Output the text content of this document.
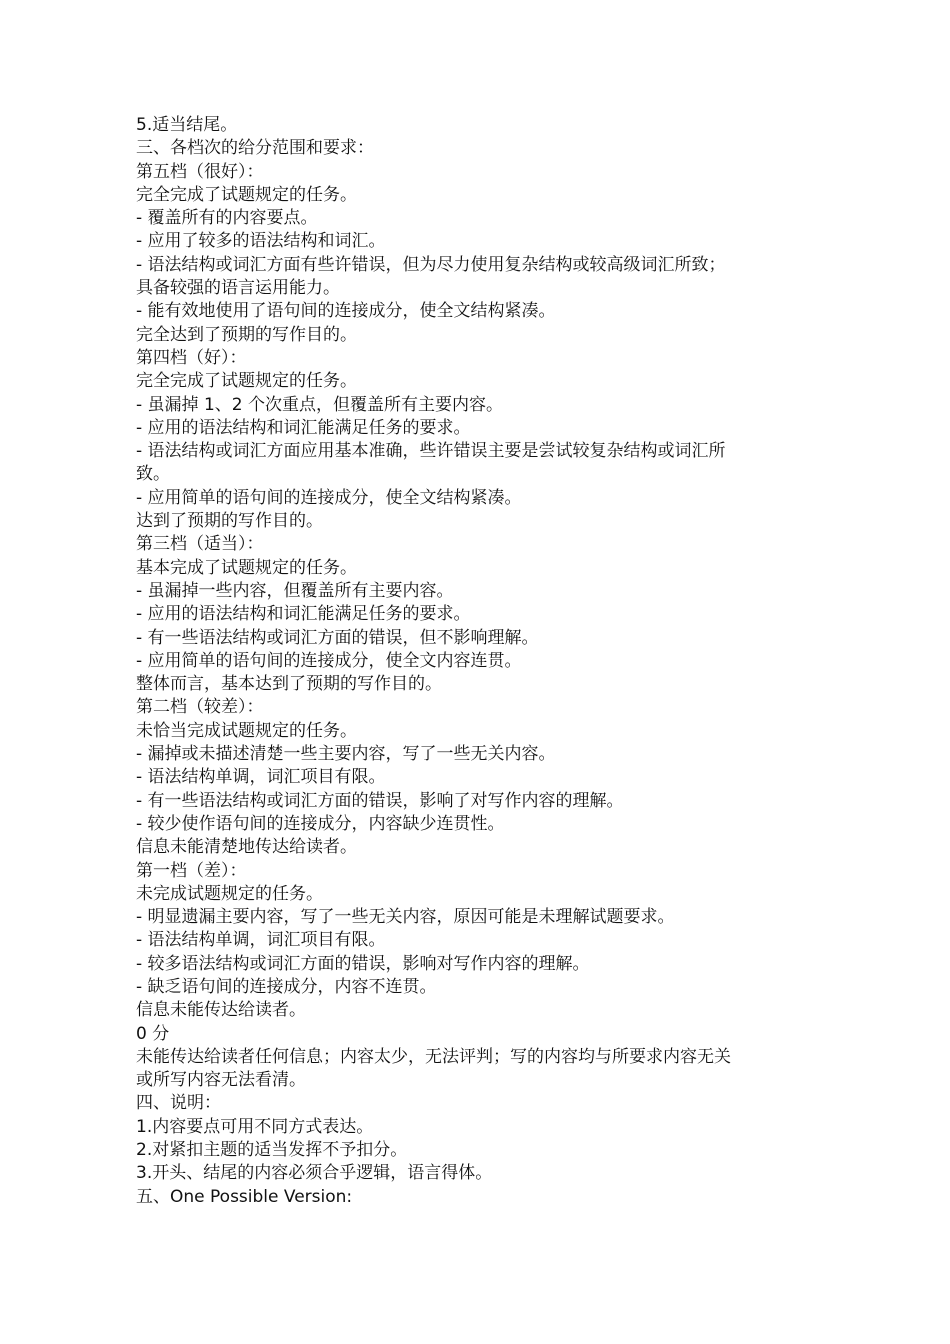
5.适当结尾。
三、各档次的给分范围和要求：
第五档（很好）：
完全完成了试题规定的任务。
- 覆盖所有的内容要点。
- 应用了较多的语法结构和词汇。
- 语法结构或词汇方面有些许错误，但为尽力使用复杂结构或较高级词汇所致；
具备较强的语言运用能力。
- 能有效地使用了语句间的连接成分，使全文结构紧凑。
完全达到了预期的写作目的。
第四档（好）：
完全完成了试题规定的任务。
- 虽漏掉 1、2 个次重点，但覆盖所有主要内容。
- 应用的语法结构和词汇能满足任务的要求。
- 语法结构或词汇方面应用基本准确，些许错误主要是尝试较复杂结构或词汇所
致。
- 应用简单的语句间的连接成分，使全文结构紧凑。
达到了预期的写作目的。
第三档（适当）：
基本完成了试题规定的任务。
- 虽漏掉一些内容，但覆盖所有主要内容。
- 应用的语法结构和词汇能满足任务的要求。
- 有一些语法结构或词汇方面的错误，但不影响理解。
- 应用简单的语句间的连接成分，使全文内容连贯。
整体而言，基本达到了预期的写作目的。
第二档（较差）：
未恰当完成试题规定的任务。
- 漏掉或未描述清楚一些主要内容，写了一些无关内容。
- 语法结构单调，词汇项目有限。
- 有一些语法结构或词汇方面的错误，影响了对写作内容的理解。
- 较少使作语句间的连接成分，内容缺少连贯性。
信息未能清楚地传达给读者。
第一档（差）：
未完成试题规定的任务。
- 明显遗漏主要内容，写了一些无关内容，原因可能是未理解试题要求。
- 语法结构单调，词汇项目有限。
- 较多语法结构或词汇方面的错误，影响对写作内容的理解。
- 缺乏语句间的连接成分，内容不连贯。
信息未能传达给读者。
0 分
未能传达给读者任何信息；内容太少，无法评判；写的内容均与所要求内容无关
或所写内容无法看清。
四、说明：
1.内容要点可用不同方式表达。
2.对紧扣主题的适当发挥不予扣分。
3.开头、结尾的内容必须合乎逻辑，语言得体。
五、One Possible Version:
